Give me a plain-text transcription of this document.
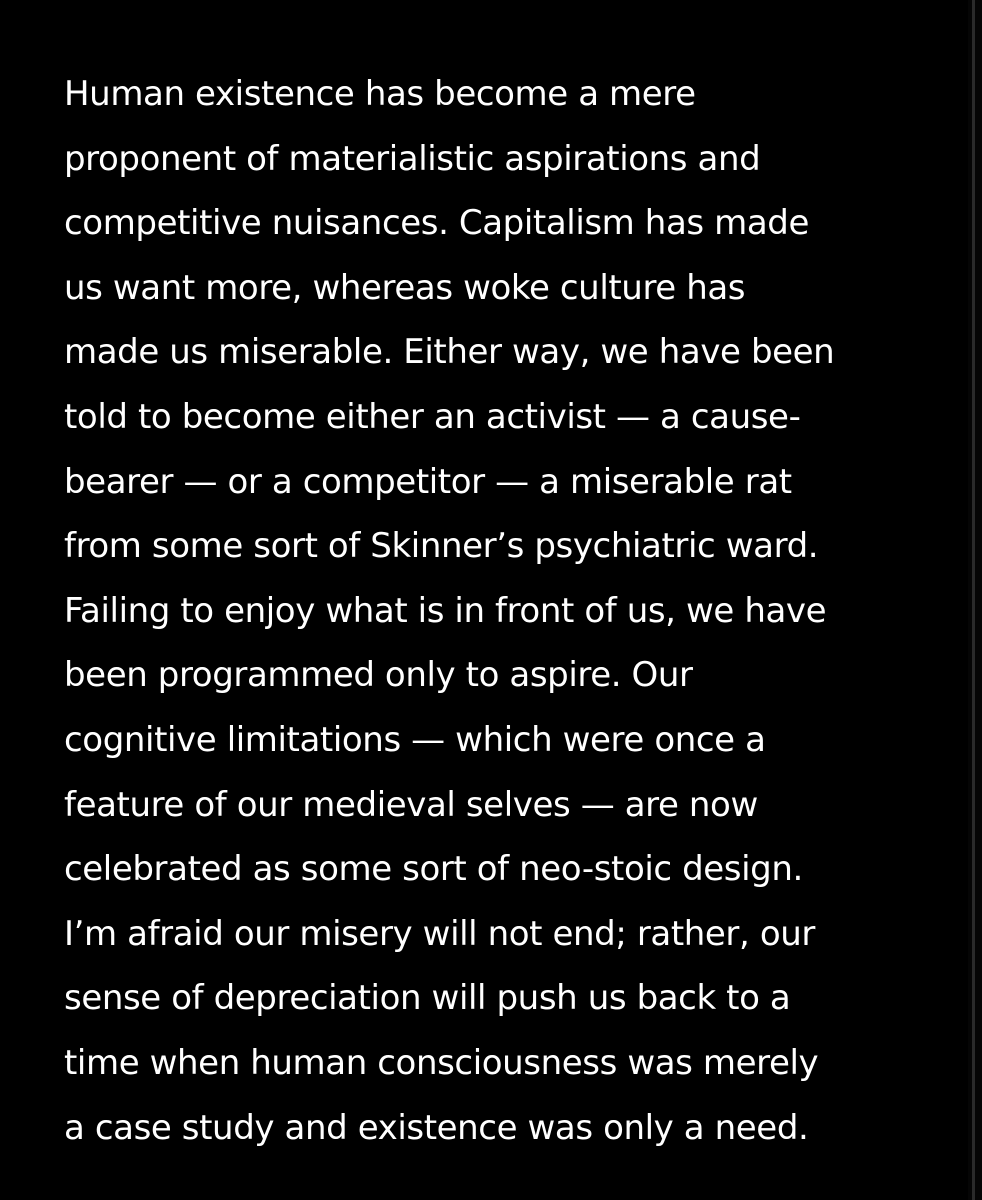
Human existence has become a mere
proponent of materialistic aspirations and
competitive nuisances. Capitalism has made
us want more, whereas woke culture has
made us miserable. Either way, we have been
told to become either an activist — a cause-
bearer — or a competitor — a miserable rat
from some sort of Skinner’s psychiatric ward.
Failing to enjoy what is in front of us, we have
been programmed only to aspire. Our
cognitive limitations — which were once a
feature of our medieval selves — are now
celebrated as some sort of neo-stoic design.
I’m afraid our misery will not end; rather, our
sense of depreciation will push us back to a
time when human consciousness was merely
a case study and existence was only a need.
